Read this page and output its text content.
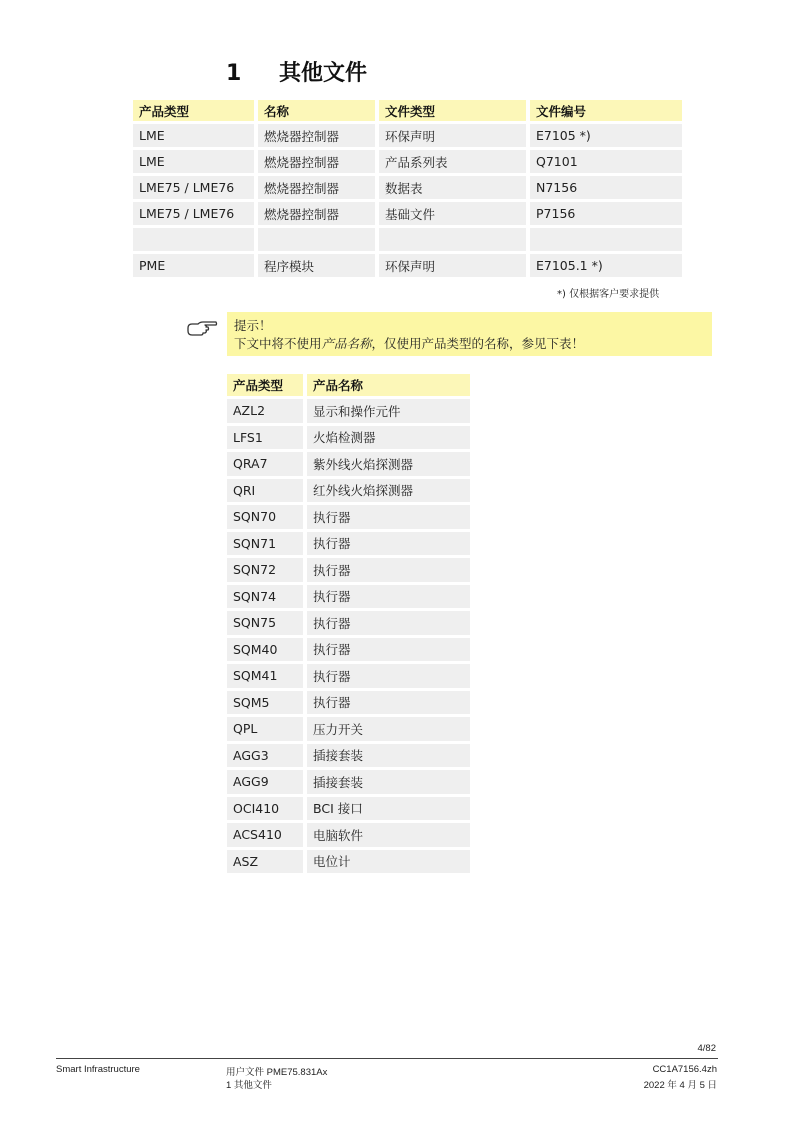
1 其他文件
产品类型	名称	文件类型	文件编号
LME	燃烧器控制器	环保声明	E7105 *)
LME	燃烧器控制器	产品系列表	Q7101
LME75 / LME76	燃烧器控制器	数据表	N7156
LME75 / LME76	燃烧器控制器	基础文件	P7156

PME	程序模块	环保声明	E7105.1 *)
*) 仅根据客户要求提供
提示！
下文中将不使用产品名称，仅使用产品类型的名称，参见下表！
产品类型	产品名称
AZL2	显示和操作元件
LFS1	火焰检测器
QRA7	紫外线火焰探测器
QRI	红外线火焰探测器
SQN70	执行器
SQN71	执行器
SQN72	执行器
SQN74	执行器
SQN75	执行器
SQM40	执行器
SQM41	执行器
SQM5	执行器
QPL	压力开关
AGG3	插接套装
AGG9	插接套装
OCI410	BCI 接口
ACS410	电脑软件
ASZ	电位计
4/82
Smart Infrastructure	用户文件 PME75.831Ax
1 其他文件
CC1A7156.4zh
2022 年 4 月 5 日
